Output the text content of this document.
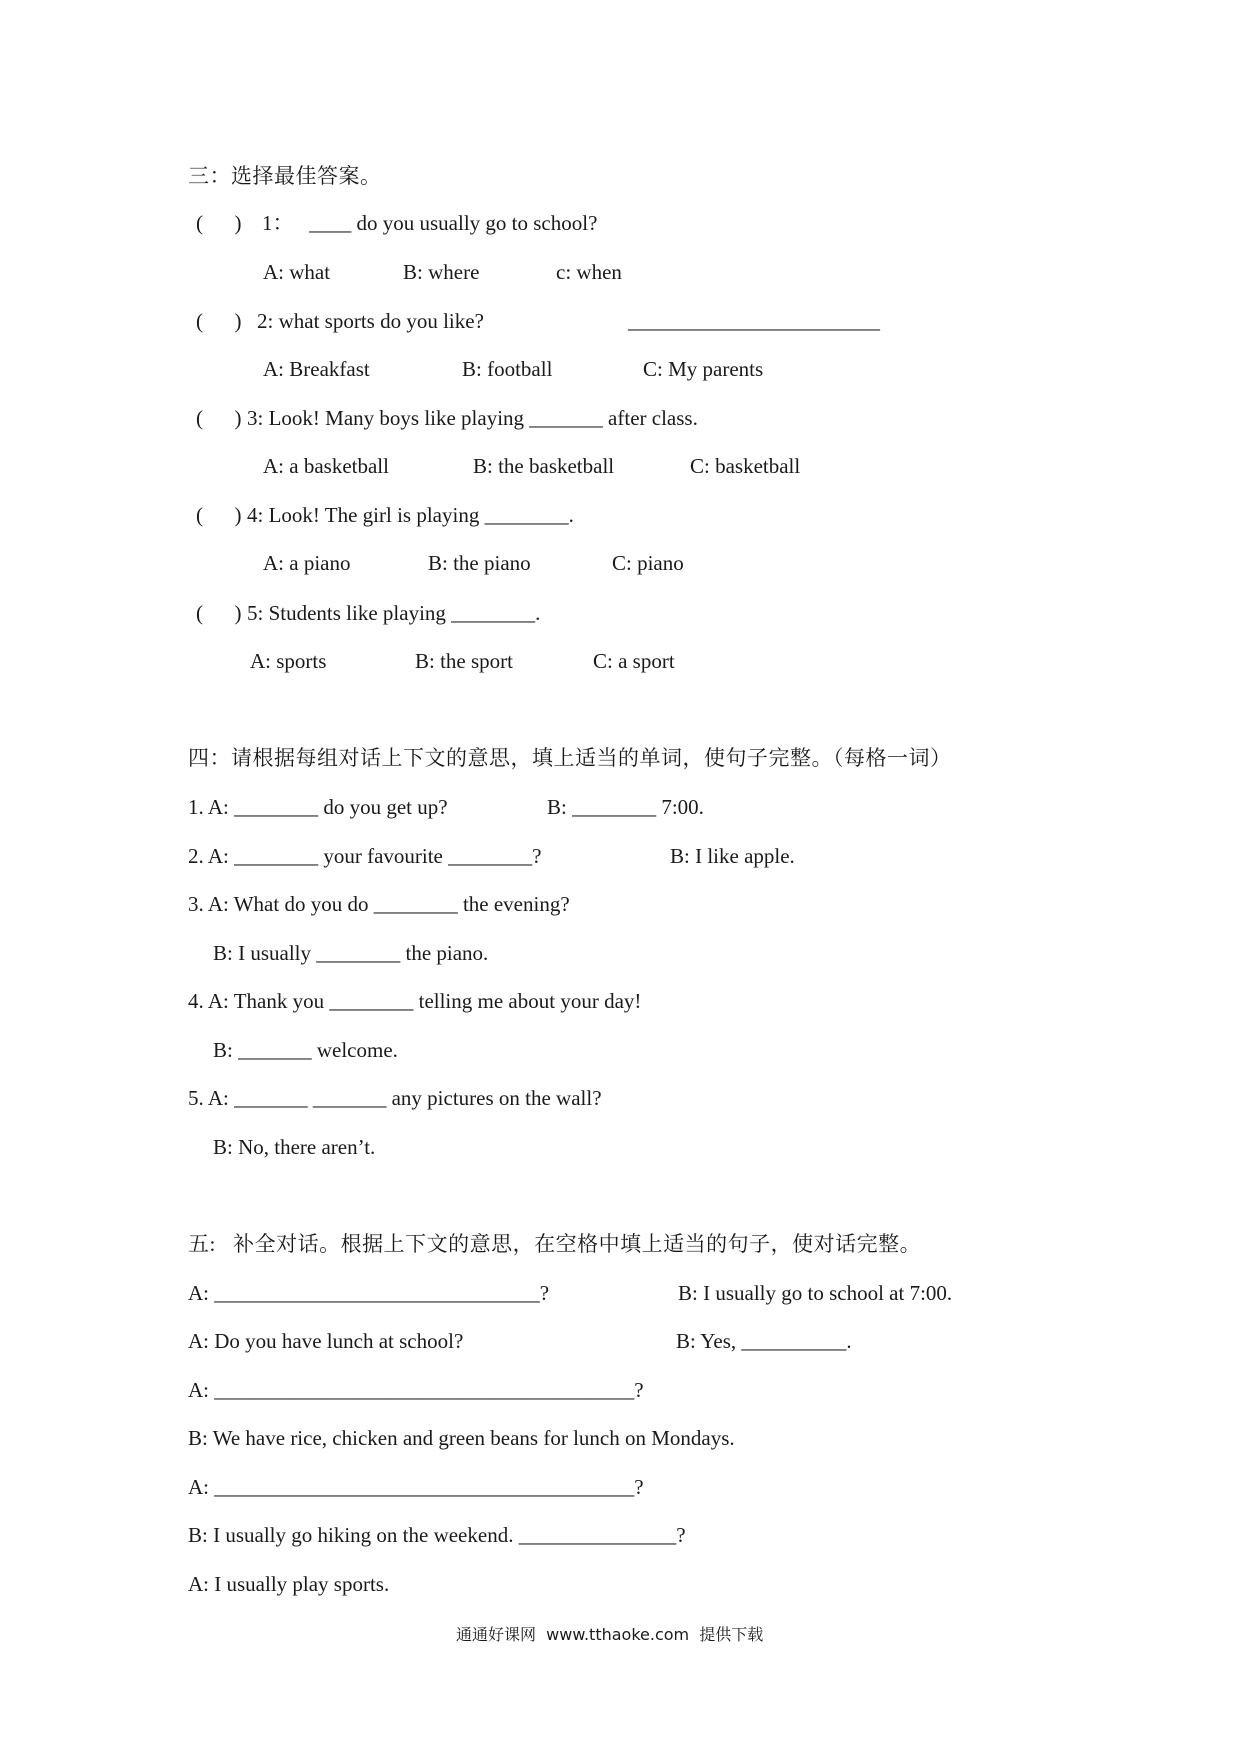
三：选择最佳答案。
(      ) 1：   ____ do you usually go to school?
A: what	B: where	c: when
(      ) 2: what sports do you like?	________________________
A: Breakfast	B: football	C: My parents
(      ) 3: Look! Many boys like playing _______ after class.
A: a basketball	B: the basketball	C: basketball
(      ) 4: Look! The girl is playing ________.
A: a piano	B: the piano	C: piano
(      ) 5: Students like playing ________.
A: sports	B: the sport	C: a sport
四：请根据每组对话上下文的意思，填上适当的单词，使句子完整。（每格一词）
1. A: ________ do you get up?	B: ________ 7:00.
2. A: ________ your favourite ________?	B: I like apple.
3. A: What do you do ________ the evening?
B: I usually ________ the piano.
4. A: Thank you ________ telling me about your day!
B: _______ welcome.
5. A: _______ _______ any pictures on the wall?
B: No, there aren’t.
五:   补全对话。根据上下文的意思，在空格中填上适当的句子，使对话完整。
A: _______________________________?	B: I usually go to school at 7:00.
A: Do you have lunch at school?	B: Yes, __________.
A: ________________________________________?
B: We have rice, chicken and green beans for lunch on Mondays.
A: ________________________________________?
B: I usually go hiking on the weekend. _______________?
A: I usually play sports.
通通好课网  www.tthaoke.com  提供下载
